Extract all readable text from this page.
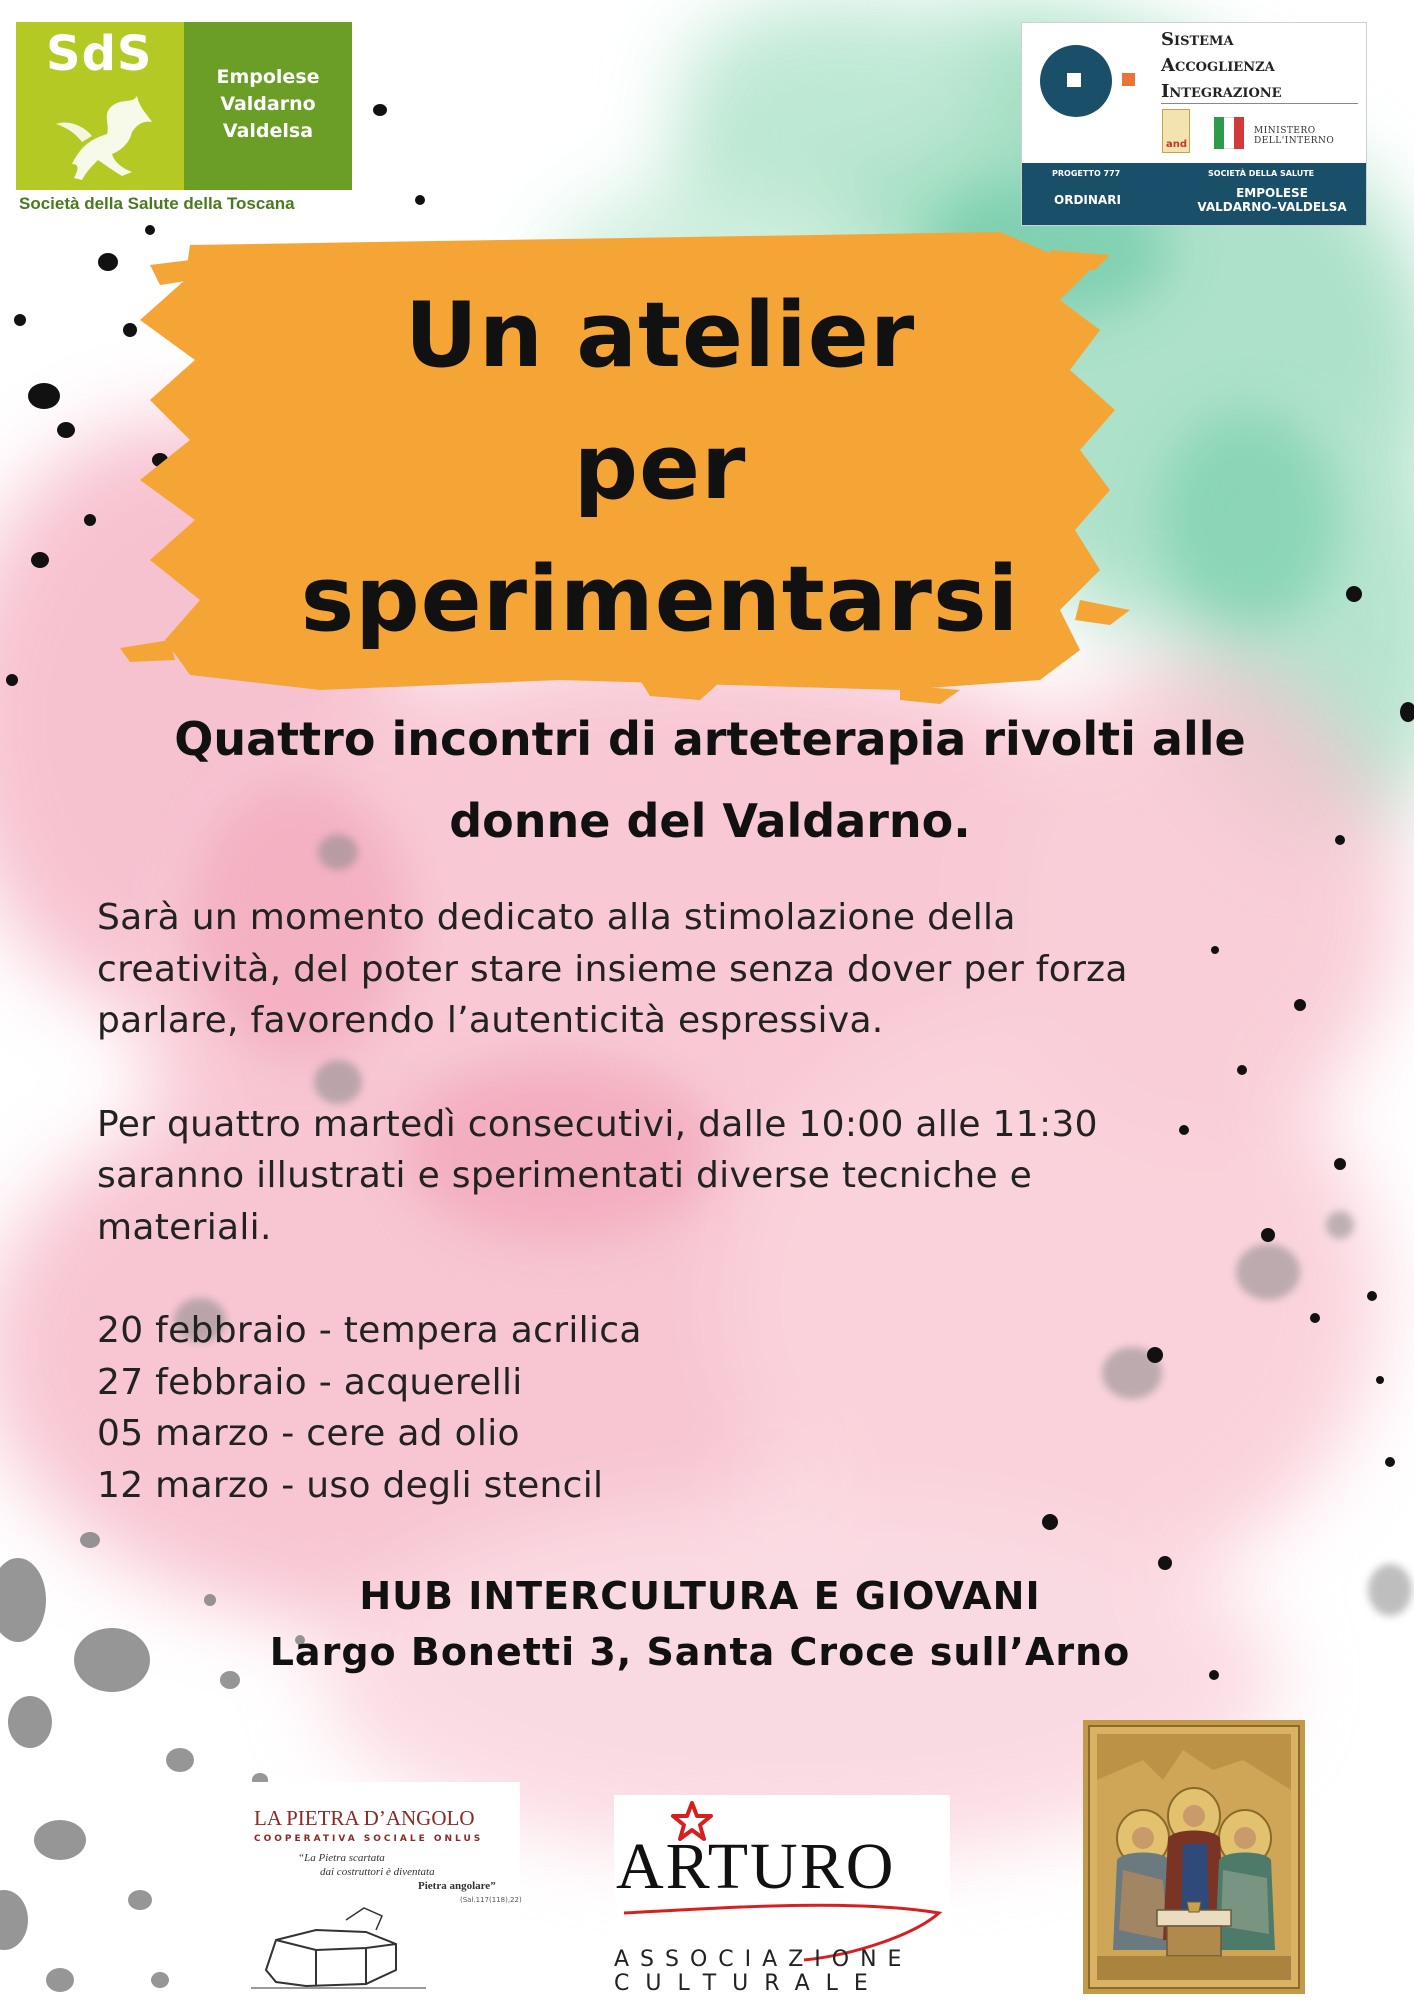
SdS	Empolese
Valdarno
Valdelsa
Società della Salute della Toscana
Sistema
Accoglienza
Integrazione
and
MINISTERO
DELL'INTERNO
PROGETTO 777
ORDINARI
SOCIETÀ DELLA SALUTE
EMPOLESE
VALDARNO–VALDELSA
Un atelier
per
sperimentarsi
Quattro incontri di arteterapia rivolti alle
donne del Valdarno.

Sarà un momento dedicato alla stimolazione della

creatività, del poter stare insieme senza dover per forza

parlare, favorendo l’autenticità espressiva.

Per quattro martedì consecutivi, dalle 10:00 alle 11:30

saranno illustrati e sperimentati diverse tecniche e

materiali.

20 febbraio - tempera acrilica

27 febbraio - acquerelli

05 marzo - cere ad olio

12 marzo - uso degli stencil

HUB INTERCULTURA E GIOVANI
Largo Bonetti 3, Santa Croce sull’Arno
LA PIETRA D’ANGOLO
COOPERATIVA SOCIALE ONLUS
“La Pietra scartata
dai costruttori è diventata
Pietra angolare”
(Sal.117(118),22) ARTURO
ASSOCIAZIONE
CULTURALE
